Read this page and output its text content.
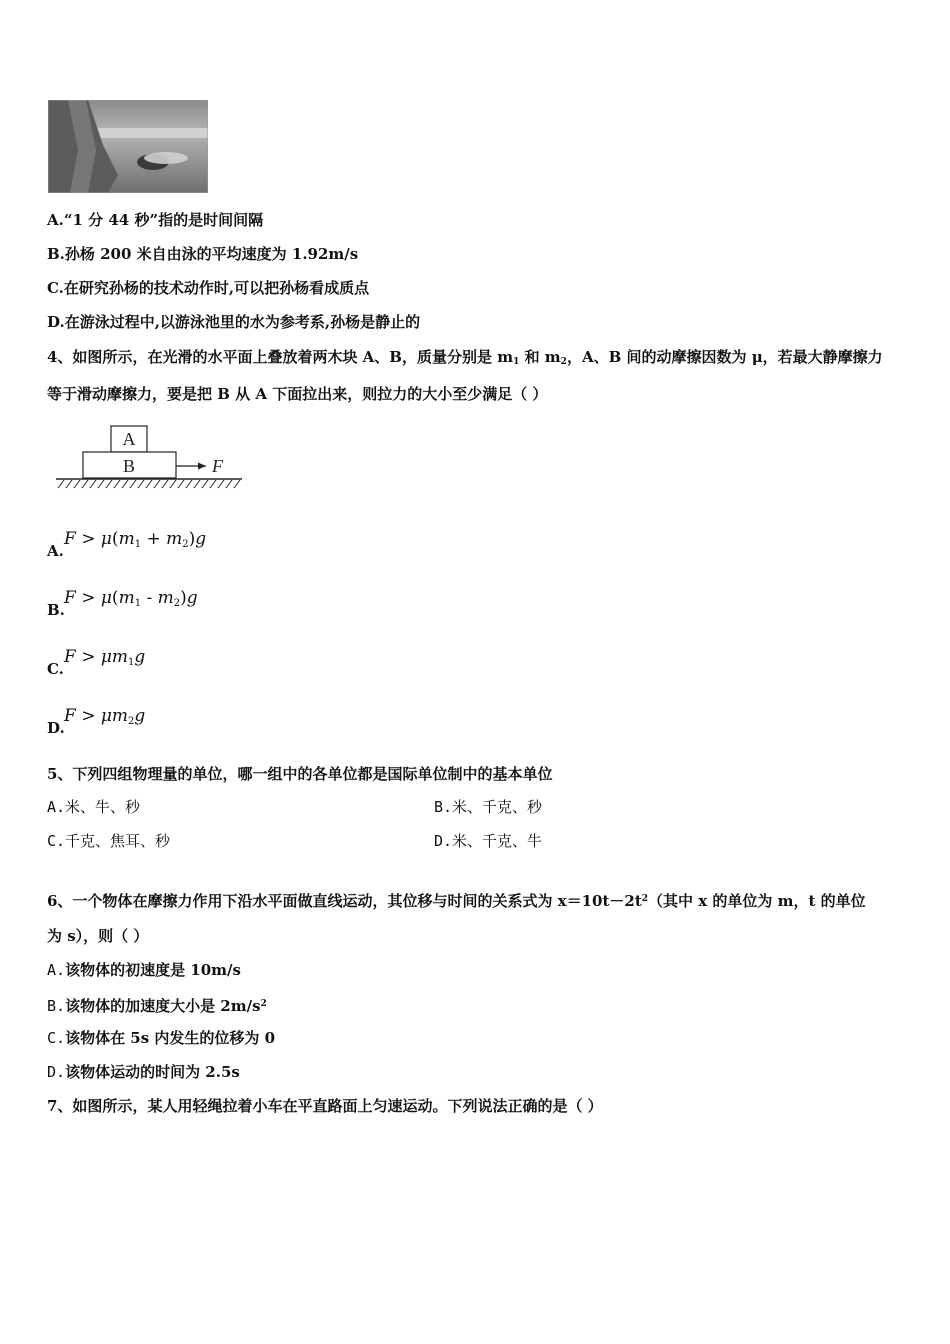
A.“1 分 44 秒”指的是时间间隔
B.孙杨 200 米自由泳的平均速度为 1.92m/s
C.在研究孙杨的技术动作时,可以把孙杨看成质点
D.在游泳过程中,以游泳池里的水为参考系,孙杨是静止的
4、如图所示，在光滑的水平面上叠放着两木块 A、B，质量分别是 $m_1$ 和 $m_2$，A、B 间的动摩擦因数为 μ，若最大静摩擦力
等于滑动摩擦力，要是把 B 从 A 下面拉出来，则拉力的大小至少满足（ ）
A
B	F
A.
$F > \mu(m_1 + m_2)g$
B.
$F > \mu(m_1 - m_2)g$
C.
$F > \mu m_1g$
D.
$F > \mu m_2g$
5、下列四组物理量的单位，哪一组中的各单位都是国际单位制中的基本单位
A.米、牛、秒	B.米、千克、秒
C.千克、焦耳、秒	D.米、千克、牛
6、一个物体在摩擦力作用下沿水平面做直线运动，其位移与时间的关系式为 $x=10t-2t^2$（其中 x 的单位为 m，t 的单位
为 s），则（ ）
A.该物体的初速度是 10m/s
B.该物体的加速度大小是 $2m/s^2$
C.该物体在 5s 内发生的位移为 0
D.该物体运动的时间为 2.5s
7、如图所示，某人用轻绳拉着小车在平直路面上匀速运动。下列说法正确的是（ ）
